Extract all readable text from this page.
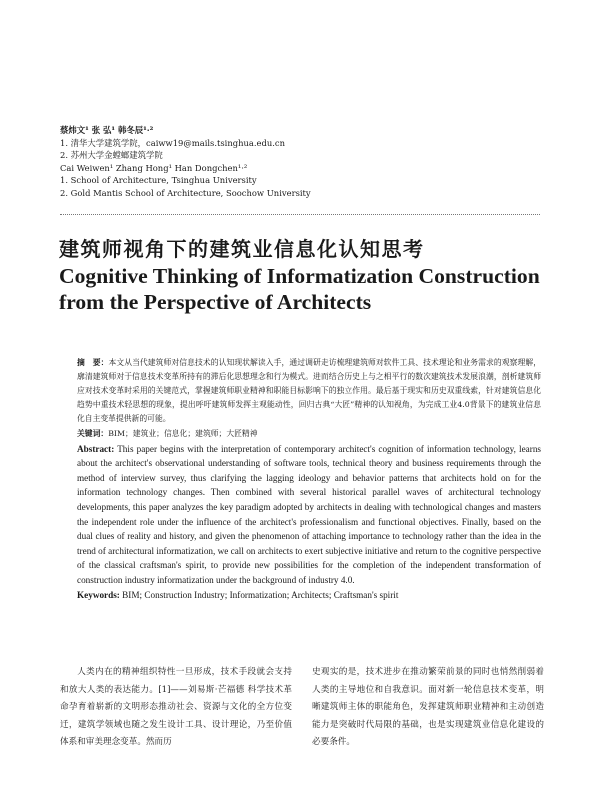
蔡炜文¹ 张 弘¹ 韩冬辰¹·²
1. 清华大学建筑学院，caiww19@mails.tsinghua.edu.cn
2. 苏州大学金螳螂建筑学院
Cai Weiwen¹ Zhang Hong¹ Han Dongchen¹·²
1. School of Architecture, Tsinghua University
2. Gold Mantis School of Architecture, Soochow University
建筑师视角下的建筑业信息化认知思考
Cognitive Thinking of Informatization Construction
from the Perspective of Architects

摘　要：本文从当代建筑师对信息技术的认知现状解读入手，通过调研走访梳理建筑师对软件工具、技术理论和业务需求的观察理解，廓清建筑师对于信息技术变革所持有的滞后化思想理念和行为模式。进而结合历史上与之相平行的数次建筑技术发展浪潮，剖析建筑师应对技术变革时采用的关键范式，掌握建筑师职业精神和职能目标影响下的独立作用。最后基于现实和历史双重线索，针对建筑信息化趋势中重技术轻思想的现象，提出呼吁建筑师发挥主观能动性，回归古典“大匠”精神的认知视角，为完成工业4.0背景下的建筑业信息化自主变革提供新的可能。

关键词：BIM；建筑业；信息化；建筑师；大匠精神

Abstract: This paper begins with the interpretation of contemporary architect's cognition of information technology, learns about the architect's observational understanding of software tools, technical theory and business requirements through the method of interview survey, thus clarifying the lagging ideology and behavior patterns that architects hold on for the information technology changes. Then combined with several historical parallel waves of architectural technology developments, this paper analyzes the key paradigm adopted by architects in dealing with technological changes and masters the independent role under the influence of the architect's professionalism and functional objectives. Finally, based on the dual clues of reality and history, and given the phenomenon of attaching importance to technology rather than the idea in the trend of architectural informatization, we call on architects to exert subjective initiative and return to the cognitive perspective of the classical craftsman's spirit, to provide new possibilities for the completion of the independent transformation of construction industry informatization under the background of industry 4.0.

Keywords: BIM; Construction Industry; Informatization; Architects; Craftsman's spirit

人类内在的精神组织特性一旦形成，技术手段就会支持和放大人类的表达能力。[1]——刘易斯·芒福德 科学技术革命孕育着崭新的文明形态推动社会、资源与文化的全方位变迁，建筑学领域也随之发生设计工具、设计理论，乃至价值体系和审美理念变革。然而历
史观实的是，技术进步在推动繁荣前景的同时也悄然削弱着人类的主导地位和自我意识。面对新一轮信息技术变革，明晰建筑师主体的职能角色，发挥建筑师职业精神和主动创造能力是突破时代局限的基础，也是实现建筑业信息化建设的必要条件。
